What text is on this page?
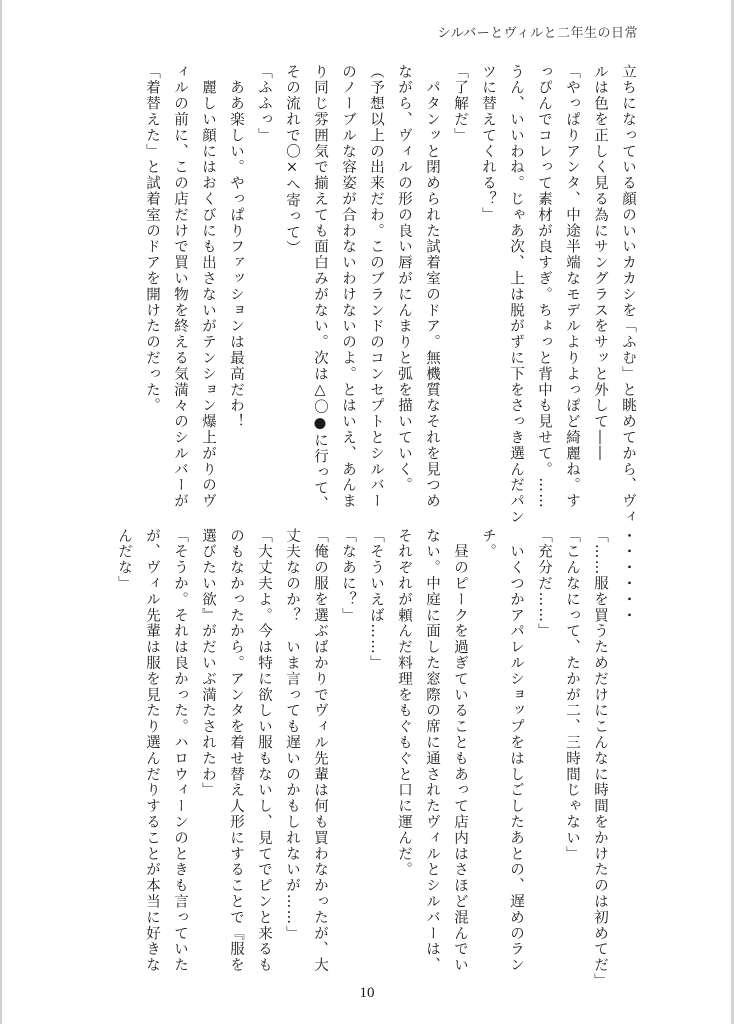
シルバーとヴィルと二年生の日常
立ちになっている顔のいいカカシを「ふむ」と眺めてから、ヴィ
ルは色を正しく見る為にサングラスをサッと外して――
「やっぱりアンタ、中途半端なモデルよりよっぽど綺麗ね。す
っぴんでコレって素材が良すぎ。ちょっと背中も見せて。……
うん、いいわね。じゃあ次、上は脱がずに下をさっき選んだパン
ツに替えてくれる？」
「了解だ」
　パタンッと閉められた試着室のドア。無機質なそれを見つめ
ながら、ヴィルの形の良い唇がにんまりと弧を描いていく。
（予想以上の出来だわ。このブランドのコンセプトとシルバー
のノーブルな容姿が合わないわけないのよ。とはいえ、あんま
り同じ雰囲気で揃えても面白みがない。次は△〇●に行って、
その流れで〇×へ寄って）
「ふふっ」
　ああ楽しい。やっぱりファッションは最高だわ！
　麗しい顔にはおくびにも出さないがテンション爆上がりのヴ
ィルの前に、この店だけで買い物を終える気満々のシルバーが
「着替えた」と試着室のドアを開けたのだった。
・・・・・・
「……服を買うためだけにこんなに時間をかけたのは初めてだ」
「こんなにって、たかが二、三時間じゃない」
「充分だ……」
　いくつかアパレルショップをはしごしたあとの、遅めのラン
チ。
　昼のピークを過ぎていることもあって店内はさほど混んでい
ない。中庭に面した窓際の席に通されたヴィルとシルバーは、
それぞれが頼んだ料理をもぐもぐと口に運んだ。
「そういえば……」
「なあに？」
「俺の服を選ぶばかりでヴィル先輩は何も買わなかったが、大
丈夫なのか？　いま言っても遅いのかもしれないが……」
「大丈夫よ。今は特に欲しい服もないし、見てでピンと来るも
のもなかったから。アンタを着せ替え人形にすることで『服を
選びたい欲』がだいぶ満たされたわ」
「そうか。それは良かった。ハロウィーンのときも言っていた
が、ヴィル先輩は服を見たり選んだりすることが本当に好きな
んだな」
10
